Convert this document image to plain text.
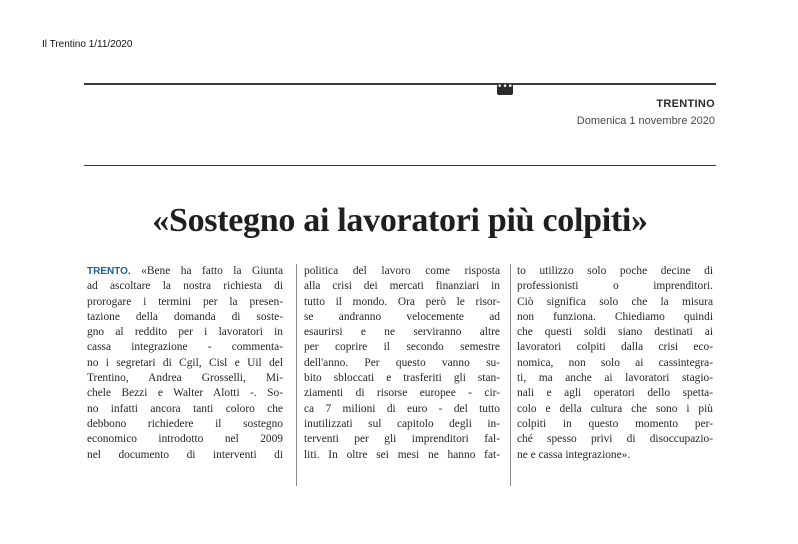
Il Trentino 1/11/2020
•••
TRENTINO
Domenica 1 novembre 2020
«Sostegno ai lavoratori più colpiti»
TRENTO. «Bene ha fatto la Giunta
ad ascoltare la nostra richiesta di
prorogare i termini per la presen-
tazione della domanda di soste-
gno al reddito per i lavoratori in
cassa integrazione - commenta-
no i segretari di Cgil, Cisl e Uil del
Trentino, Andrea Grosselli, Mi-
chele Bezzi e Walter Alotti -. So-
no infatti ancora tanti coloro che
debbono richiedere il sostegno
economico introdotto nel 2009
nel documento di interventi di
politica del lavoro come risposta
alla crisi dei mercati finanziari in
tutto il mondo. Ora però le risor-
se andranno velocemente ad
esaurirsi e ne serviranno altre
per coprire il secondo semestre
dell'anno. Per questo vanno su-
bito sbloccati e trasferiti gli stan-
ziamenti di risorse europee - cir-
ca 7 milioni di euro - del tutto
inutilizzati sul capitolo degli in-
terventi per gli imprenditori fal-
liti. In oltre sei mesi ne hanno fat-
to utilizzo solo poche decine di
professionisti o imprenditori.
Ciò significa solo che la misura
non funziona. Chiediamo quindi
che questi soldi siano destinati ai
lavoratori colpiti dalla crisi eco-
nomica, non solo ai cassintegra-
ti, ma anche ai lavoratori stagio-
nali e agli operatori dello spetta-
colo e della cultura che sono i più
colpiti in questo momento per-
ché spesso privi di disoccupazio-
ne e cassa integrazione».
